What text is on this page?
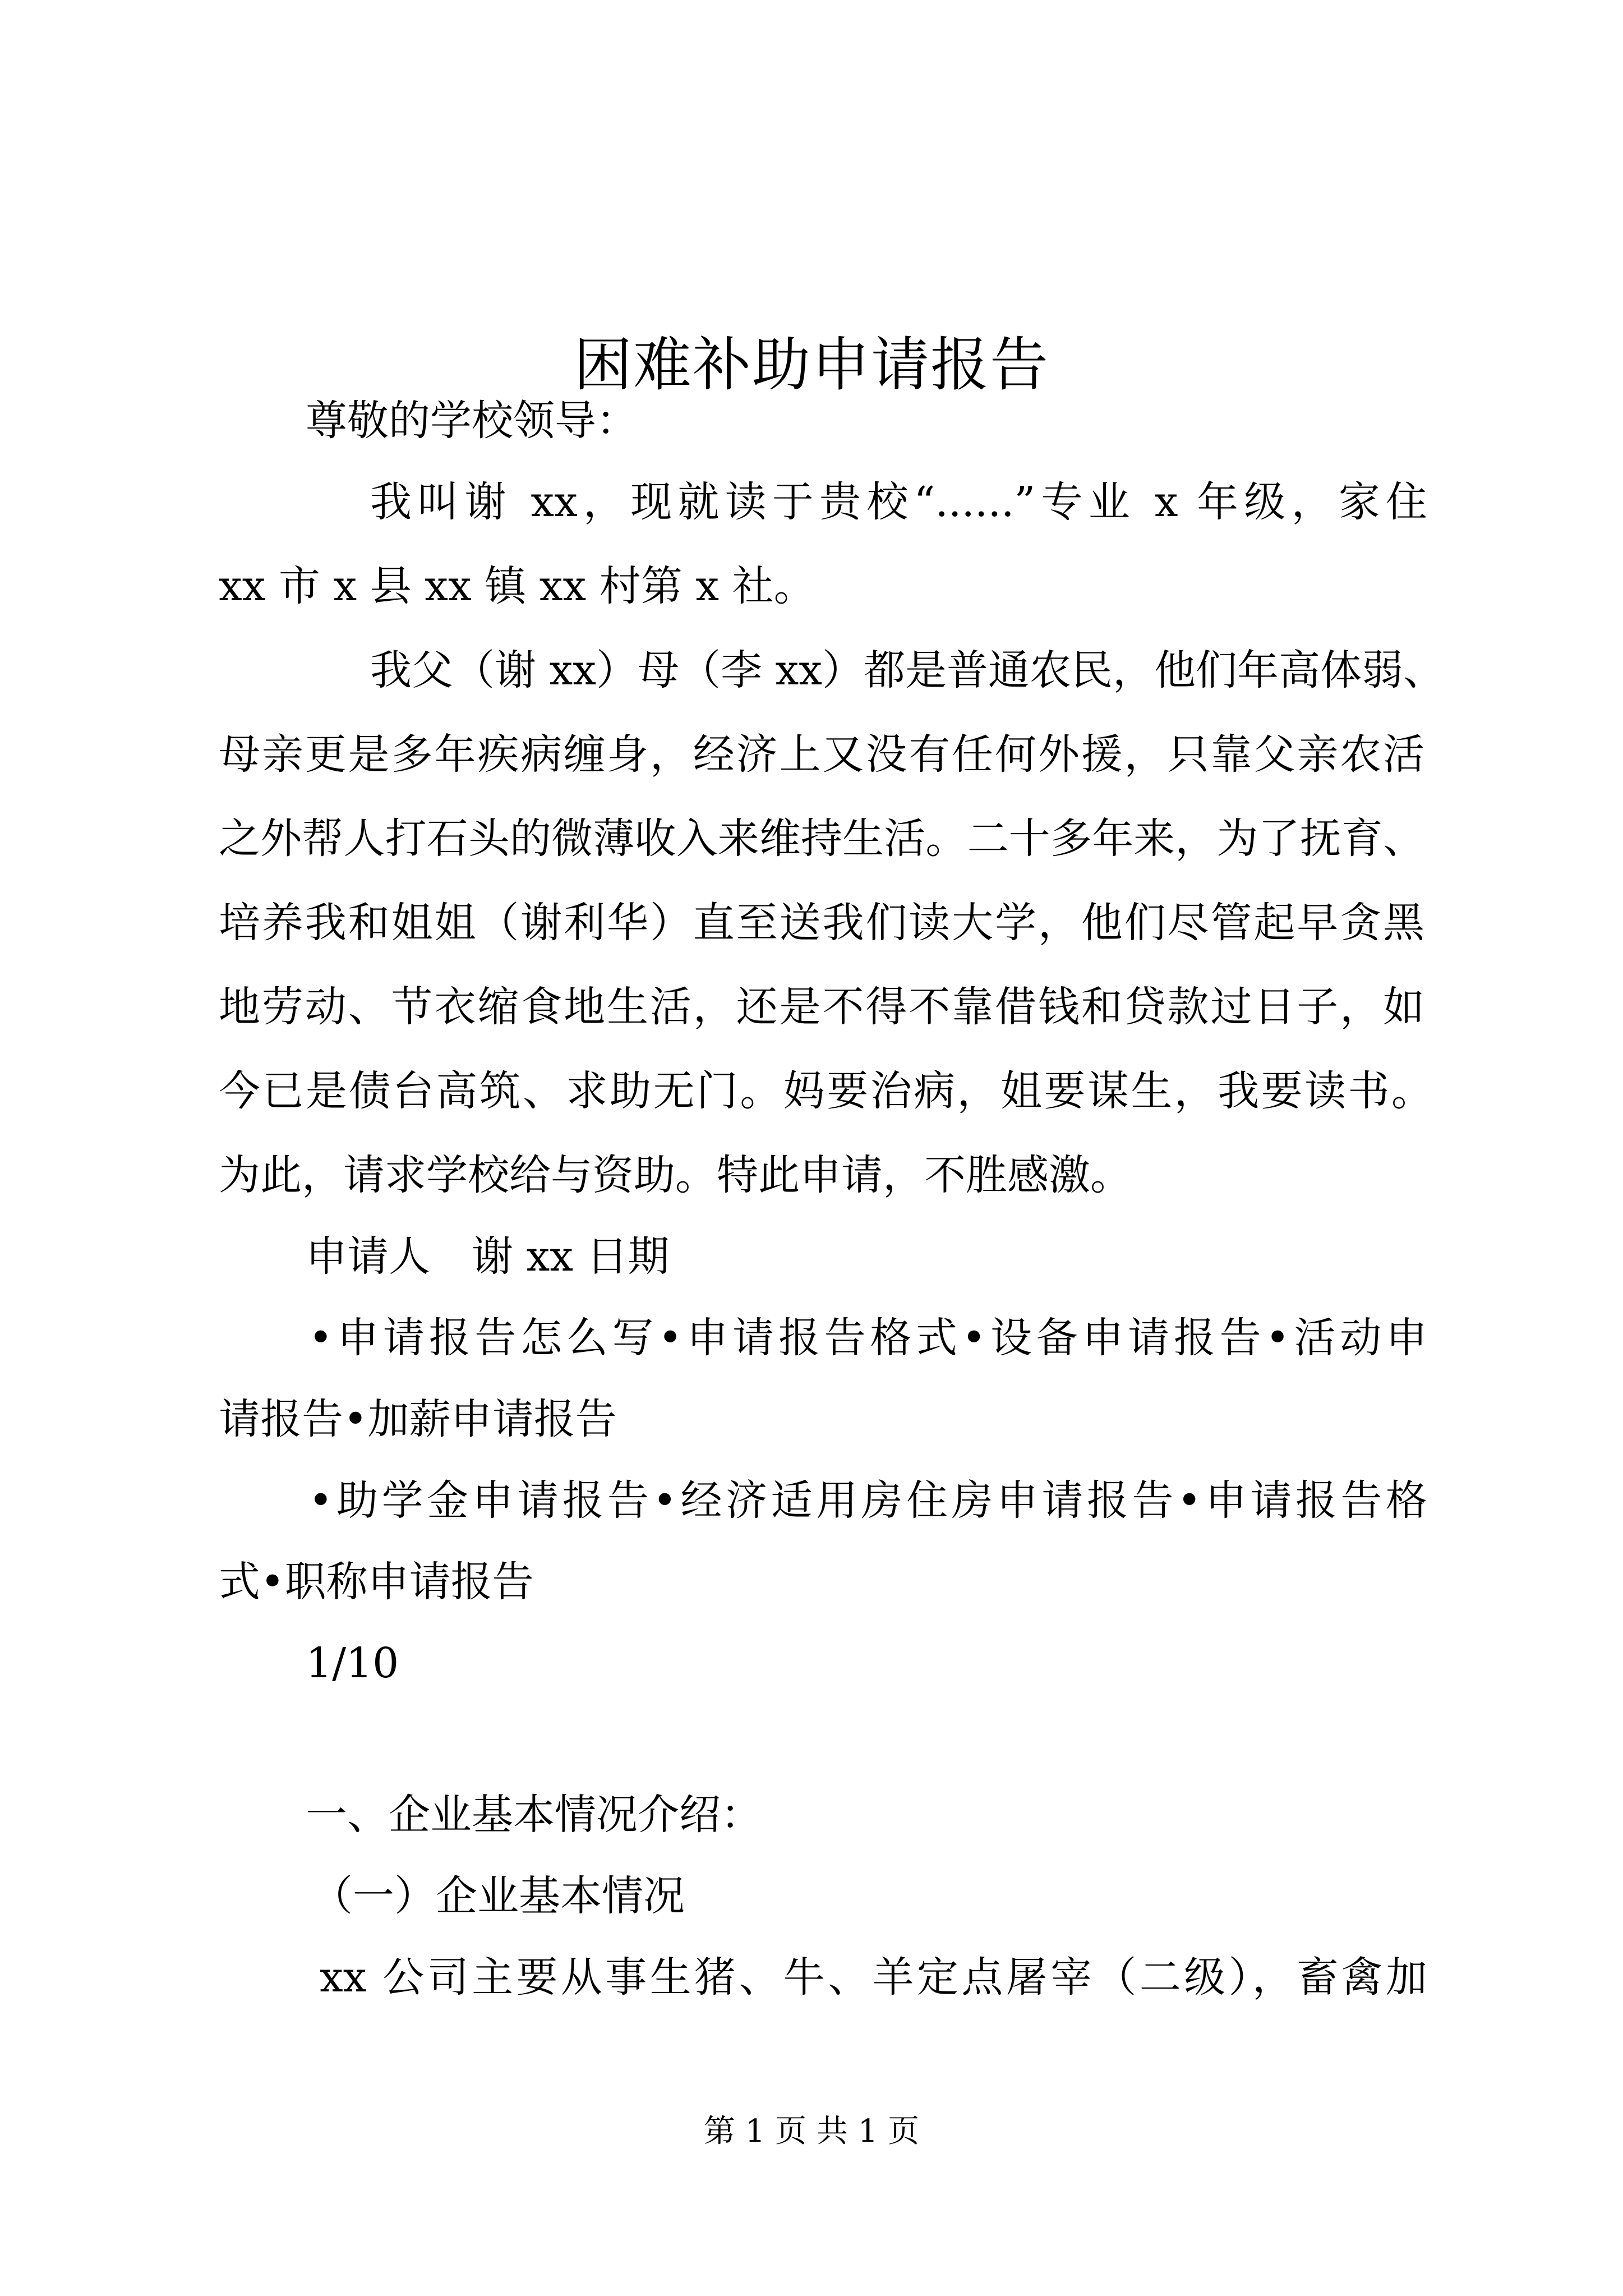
困难补助申请报告
尊敬的学校领导：
我叫谢 xx，现就读于贵校“......”专业 x 年级，家住
xx 市 x 县 xx 镇 xx 村第 x 社。
我父（谢 xx）母（李 xx）都是普通农民，他们年高体弱、
母亲更是多年疾病缠身，经济上又没有任何外援，只靠父亲农活
之外帮人打石头的微薄收入来维持生活。二十多年来，为了抚育、
培养我和姐姐（谢利华）直至送我们读大学，他们尽管起早贪黑
地劳动、节衣缩食地生活，还是不得不靠借钱和贷款过日子，如
今已是债台高筑、求助无门。妈要治病，姐要谋生，我要读书。
为此，请求学校给与资助。特此申请，不胜感激。
申请人　谢 xx 日期
•申请报告怎么写•申请报告格式•设备申请报告•活动申
请报告•加薪申请报告
•助学金申请报告•经济适用房住房申请报告•申请报告格
式•职称申请报告
1/10
一、企业基本情况介绍：
（一）企业基本情况
xx 公司主要从事生猪、牛、羊定点屠宰（二级），畜禽加
第 1 页 共 1 页
